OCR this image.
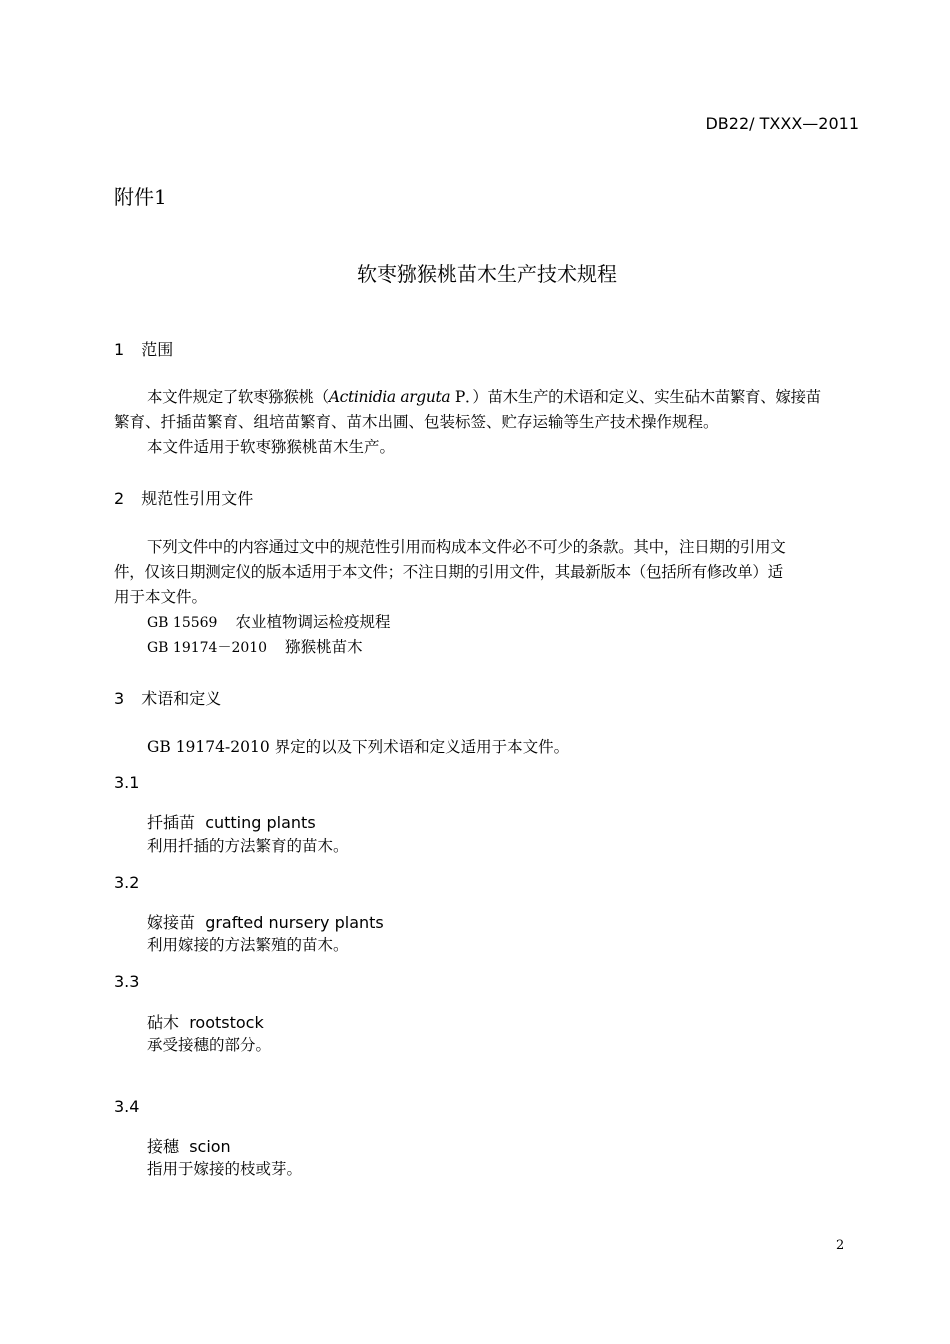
DB22/ TXXX—2011
附件1
软枣猕猴桃苗木生产技术规程
1 范围
本文件规定了软枣猕猴桃（Actinidia arguta P．）苗木生产的术语和定义、实生砧木苗繁育、嫁接苗
繁育、扦插苗繁育、组培苗繁育、苗木出圃、包装标签、贮存运输等生产技术操作规程。
本文件适用于软枣猕猴桃苗木生产。
2 规范性引用文件
下列文件中的内容通过文中的规范性引用而构成本文件必不可少的条款。其中，注日期的引用文
件，仅该日期测定仪的版本适用于本文件；不注日期的引用文件，其最新版本（包括所有修改单）适
用于本文件。
GB 15569 农业植物调运检疫规程
GB 19174－2010 猕猴桃苗木
3 术语和定义
GB 19174-2010 界定的以及下列术语和定义适用于本文件。
3.1
扦插苗 cutting plants
利用扦插的方法繁育的苗木。
3.2
嫁接苗 grafted nursery plants
利用嫁接的方法繁殖的苗木。
3.3
砧木 rootstock
承受接穗的部分。
3.4
接穗 scion
指用于嫁接的枝或芽。
2
